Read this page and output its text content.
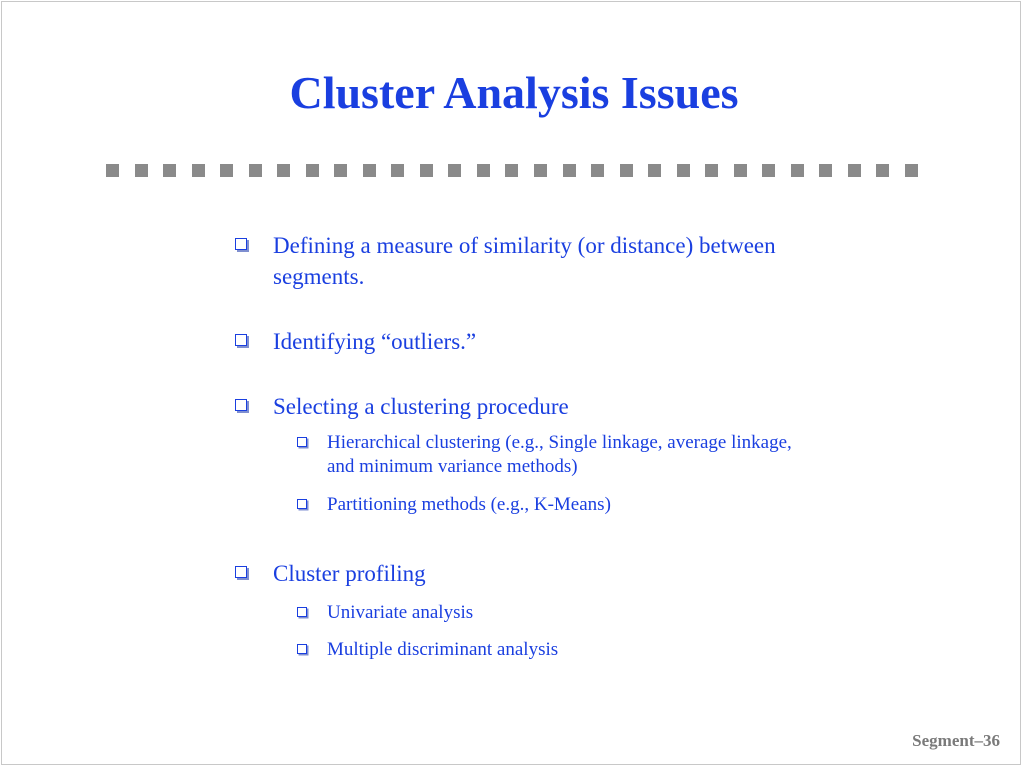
Cluster Analysis Issues
Defining a measure of similarity (or distance) between segments.
Identifying “outliers.”
Selecting a clustering procedure
Hierarchical clustering (e.g., Single linkage, average linkage, and minimum variance methods)
Partitioning methods (e.g., K-Means)
Cluster profiling
Univariate analysis
Multiple discriminant analysis
Segment–36
